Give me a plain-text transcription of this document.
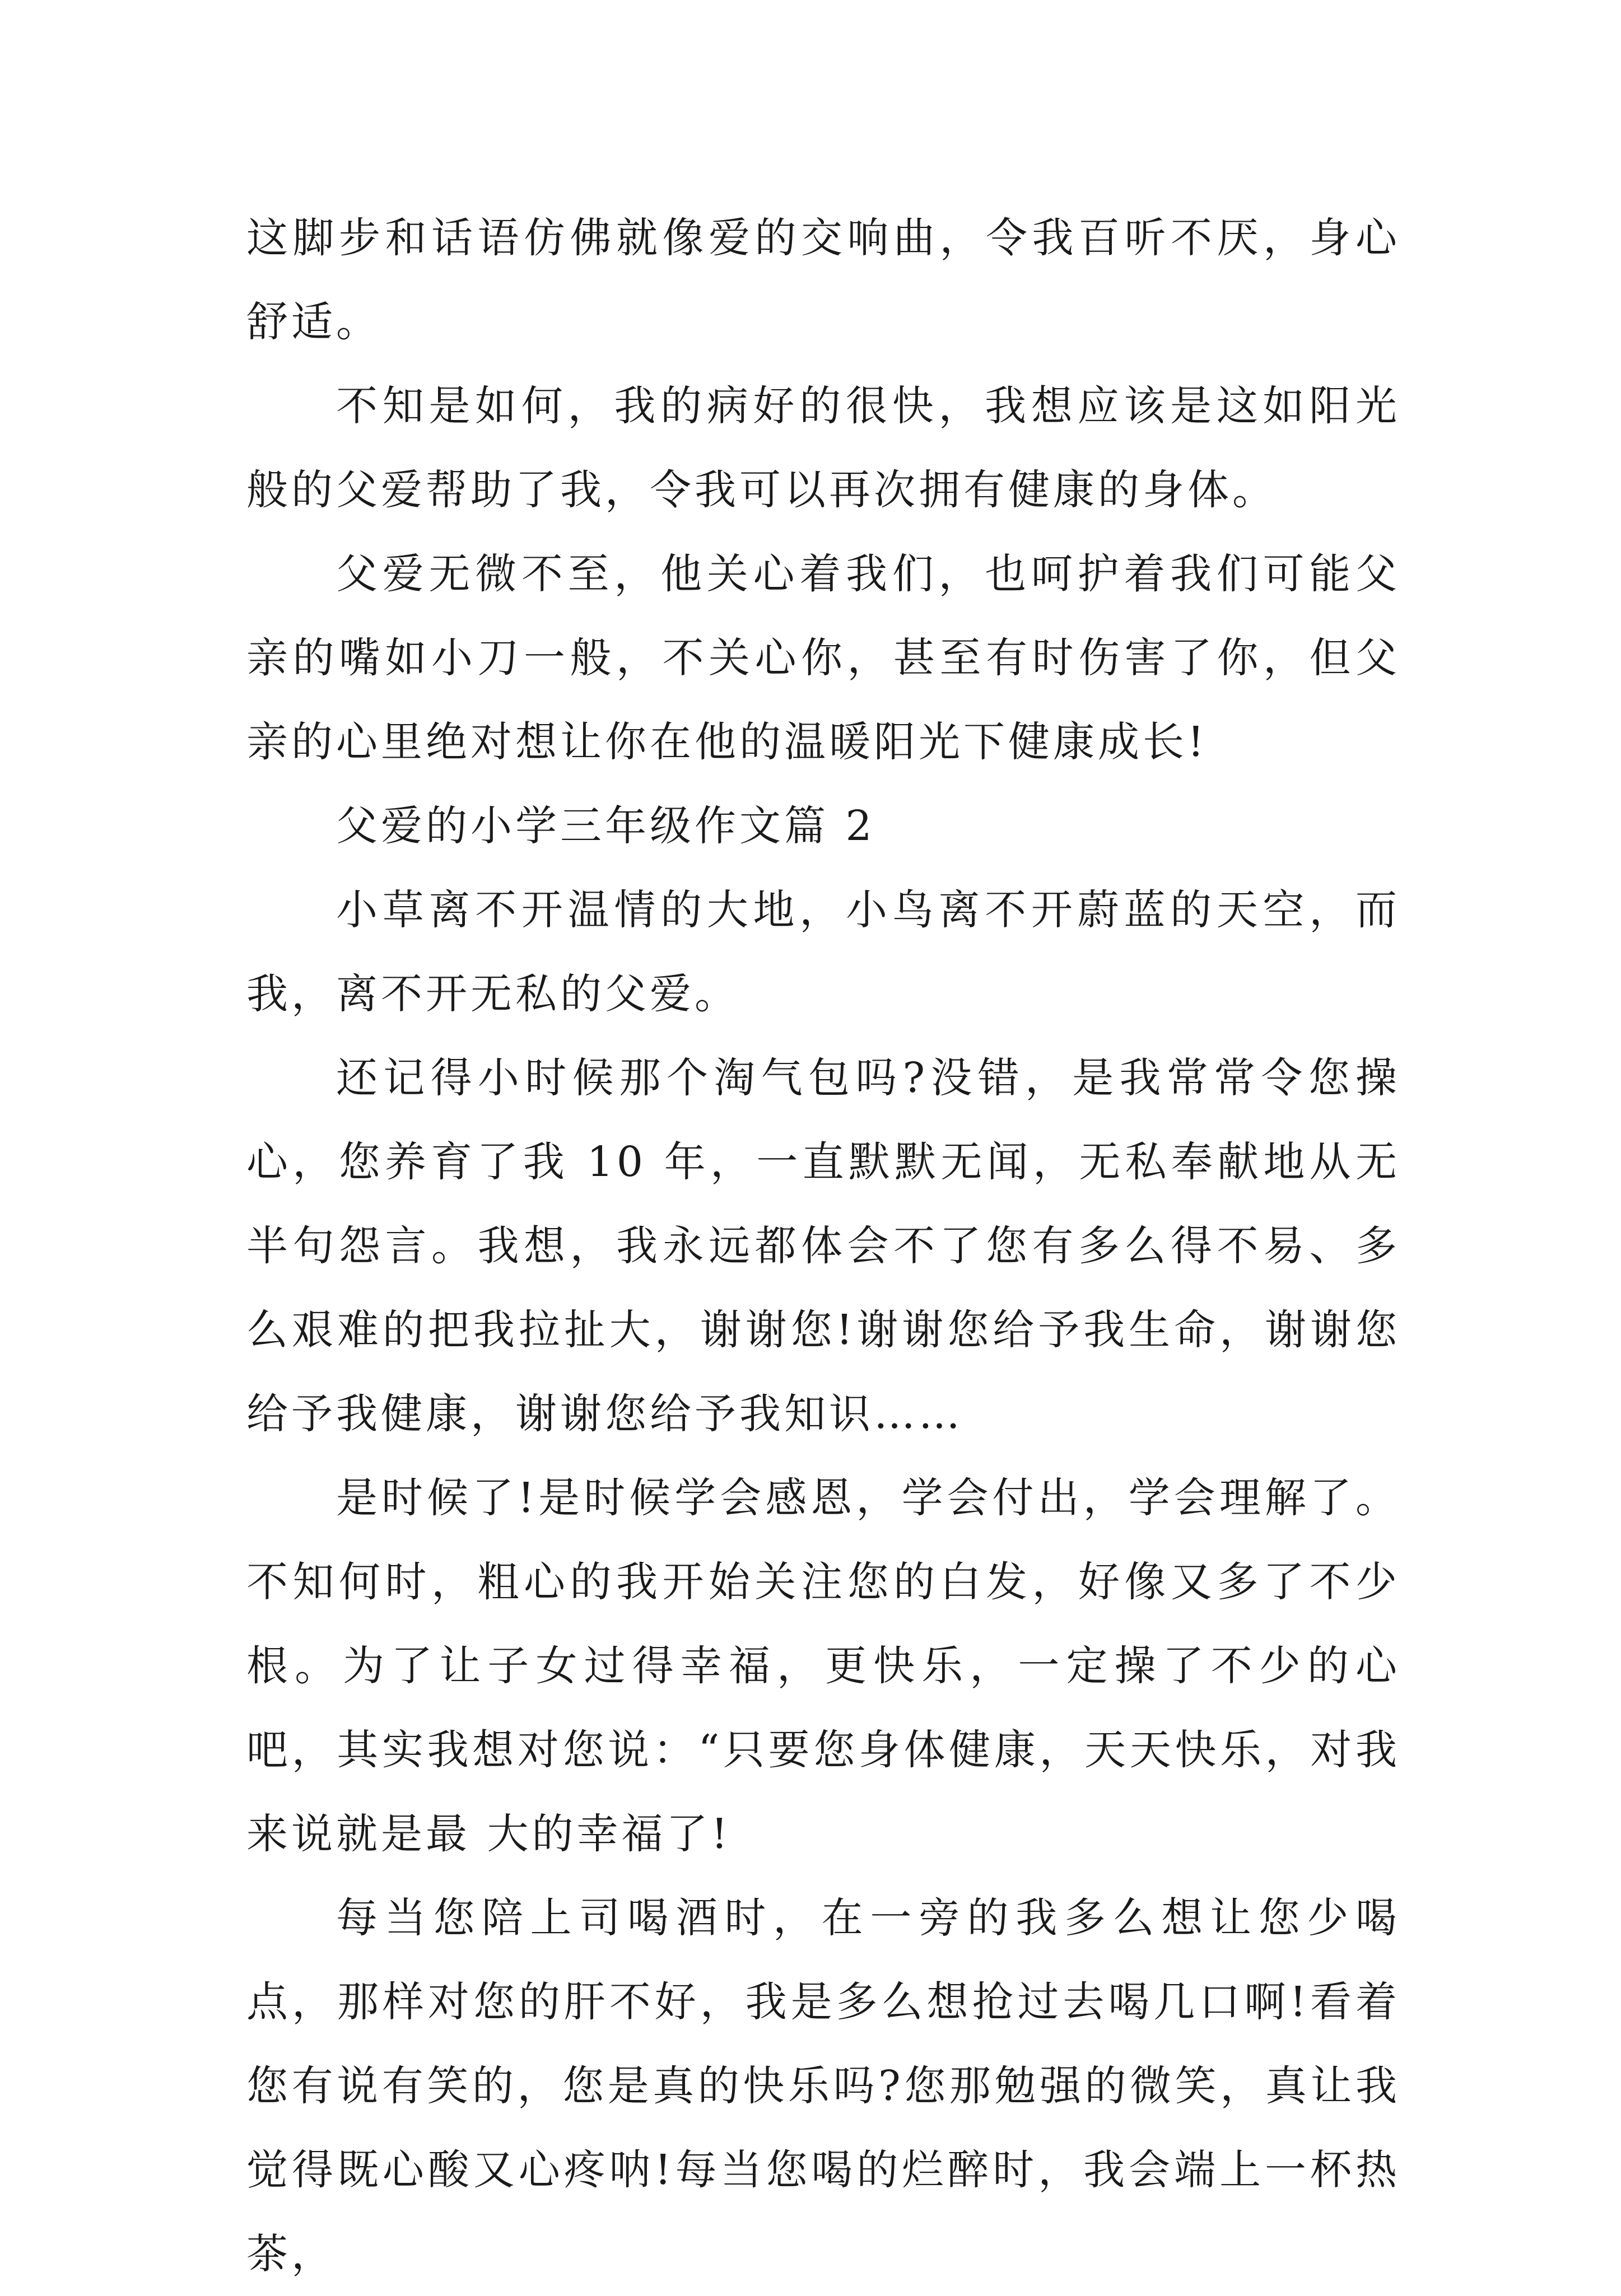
这脚步和话语仿佛就像爱的交响曲，令我百听不厌，身心舒适。

不知是如何，我的病好的很快，我想应该是这如阳光般的父爱帮助了我，令我可以再次拥有健康的身体。

父爱无微不至，他关心着我们，也呵护着我们可能父亲的嘴如小刀一般，不关心你，甚至有时伤害了你，但父亲的心里绝对想让你在他的温暖阳光下健康成长!

父爱的小学三年级作文篇 2

小草离不开温情的大地，小鸟离不开蔚蓝的天空，而我，离不开无私的父爱。

还记得小时候那个淘气包吗?没错，是我常常令您操心，您养育了我 10 年，一直默默无闻，无私奉献地从无半句怨言。我想，我永远都体会不了您有多么得不易、多么艰难的把我拉扯大，谢谢您!谢谢您给予我生命，谢谢您给予我健康，谢谢您给予我知识……

是时候了!是时候学会感恩，学会付出，学会理解了。不知何时，粗心的我开始关注您的白发，好像又多了不少根。为了让子女过得幸福，更快乐，一定操了不少的心吧，其实我想对您说：“只要您身体健康，天天快乐，对我来说就是最 大的幸福了!

每当您陪上司喝酒时，在一旁的我多么想让您少喝点，那样对您的肝不好，我是多么想抢过去喝几口啊!看着您有说有笑的，您是真的快乐吗?您那勉强的微笑，真让我觉得既心酸又心疼呐!每当您喝的烂醉时，我会端上一杯热茶，
